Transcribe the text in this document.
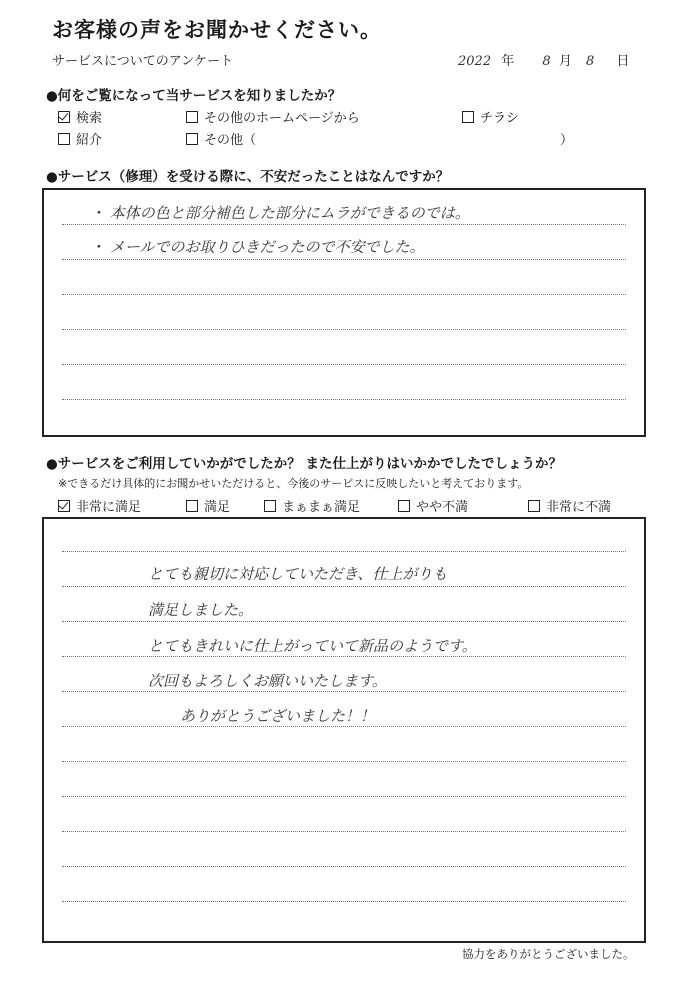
お客様の声をお聞かせください。
サービスについてのアンケート	2022 年 8 月 8 日
●何をご覧になって当サービスを知りましたか？
検索	その他のホームページから	チラシ
紹介	その他（	）
●サービス（修理）を受ける際に、不安だったことはなんですか？
・ 本体の色と部分補色した部分にムラができるのでは。
・ メールでのお取りひきだったので不安でした。
●サービスをご利用していかがでしたか？ また仕上がりはいかかでしたでしょうか？
※できるだけ具体的にお聞かせいただけると、今後のサービスに反映したいと考えております。
非常に満足	満足	まぁまぁ満足	やや不満	非常に不満
とても親切に対応していただき、仕上がりも
満足しました。
とてもきれいに仕上がっていて新品のようです。
次回もよろしくお願いいたします。
ありがとうございました！！
協力をありがとうございました。
